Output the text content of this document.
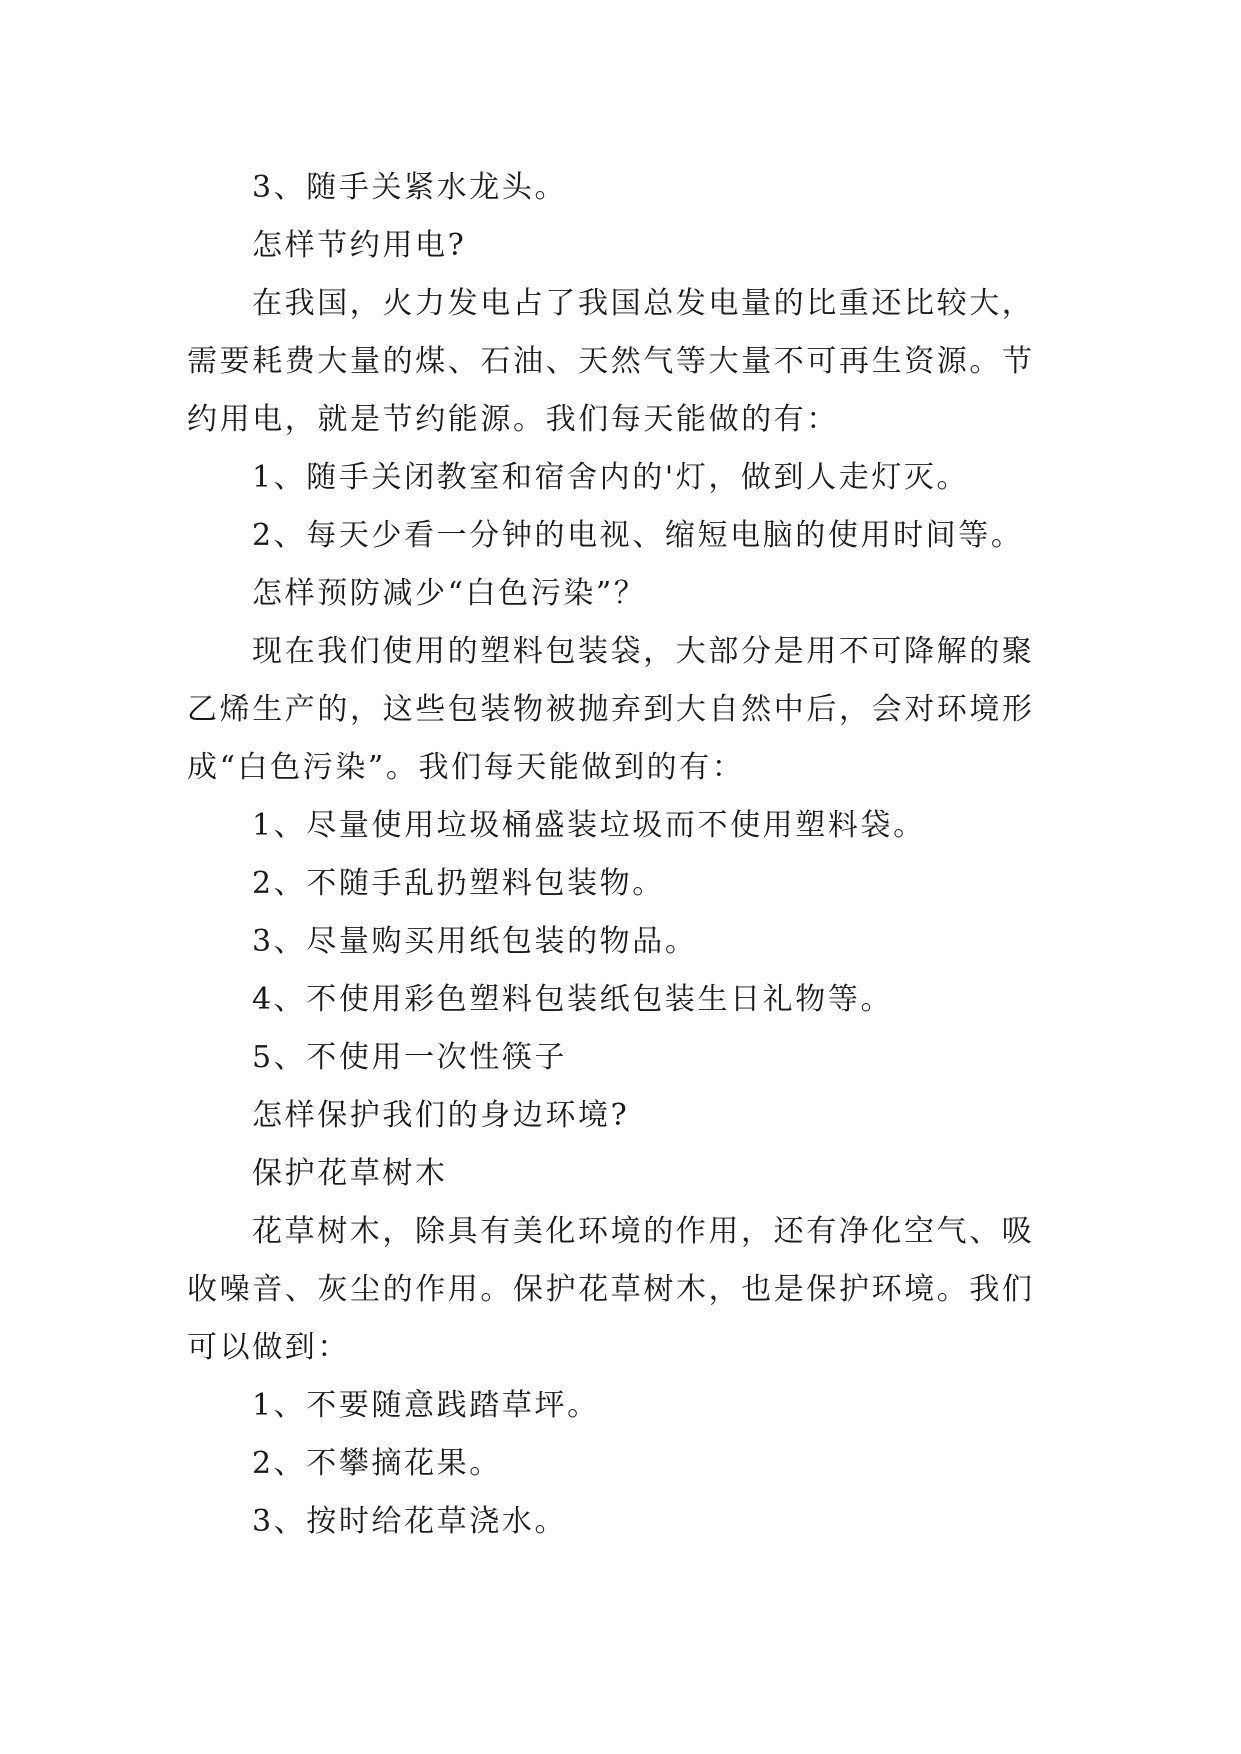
3、随手关紧水龙头。
怎样节约用电?
在我国，火力发电占了我国总发电量的比重还比较大，
需要耗费大量的煤、石油、天然气等大量不可再生资源。节
约用电，就是节约能源。我们每天能做的有：
1、随手关闭教室和宿舍内的'灯，做到人走灯灭。
2、每天少看一分钟的电视、缩短电脑的使用时间等。
怎样预防减少“白色污染”？
现在我们使用的塑料包装袋，大部分是用不可降解的聚
乙烯生产的，这些包装物被抛弃到大自然中后，会对环境形
成“白色污染”。我们每天能做到的有：
1、尽量使用垃圾桶盛装垃圾而不使用塑料袋。
2、不随手乱扔塑料包装物。
3、尽量购买用纸包装的物品。
4、不使用彩色塑料包装纸包装生日礼物等。
5、不使用一次性筷子
怎样保护我们的身边环境?
保护花草树木
花草树木，除具有美化环境的作用，还有净化空气、吸
收噪音、灰尘的作用。保护花草树木，也是保护环境。我们
可以做到：
1、不要随意践踏草坪。
2、不攀摘花果。
3、按时给花草浇水。
